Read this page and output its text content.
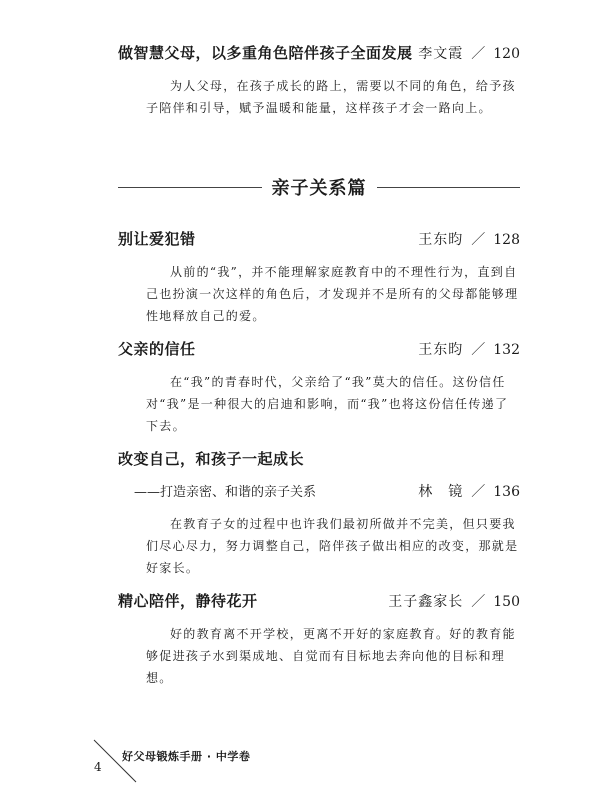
做智慧父母，以多重角色陪伴孩子全面发展 李文霞 ／ 120

为人父母，在孩子成长的路上，需要以不同的角色，给予孩子陪伴和引导，赋予温暖和能量，这样孩子才会一路向上。

亲子关系篇
别让爱犯错	王东昀 ／ 128

从前的“我”，并不能理解家庭教育中的不理性行为，直到自己也扮演一次这样的角色后，才发现并不是所有的父母都能够理性地释放自己的爱。

父亲的信任	王东昀 ／ 132

在“我”的青春时代，父亲给了“我”莫大的信任。这份信任对“我”是一种很大的启迪和影响，而“我”也将这份信任传递了下去。

改变自己，和孩子一起成长
——打造亲密、和谐的亲子关系	林　镜 ／ 136

在教育子女的过程中也许我们最初所做并不完美，但只要我们尽心尽力，努力调整自己，陪伴孩子做出相应的改变，那就是好家长。

精心陪伴，静待花开	王子鑫家长 ／ 150

好的教育离不开学校，更离不开好的家庭教育。好的教育能够促进孩子水到渠成地、自觉而有目标地去奔向他的目标和理想。

4
好父母锻炼手册 · 中学卷
